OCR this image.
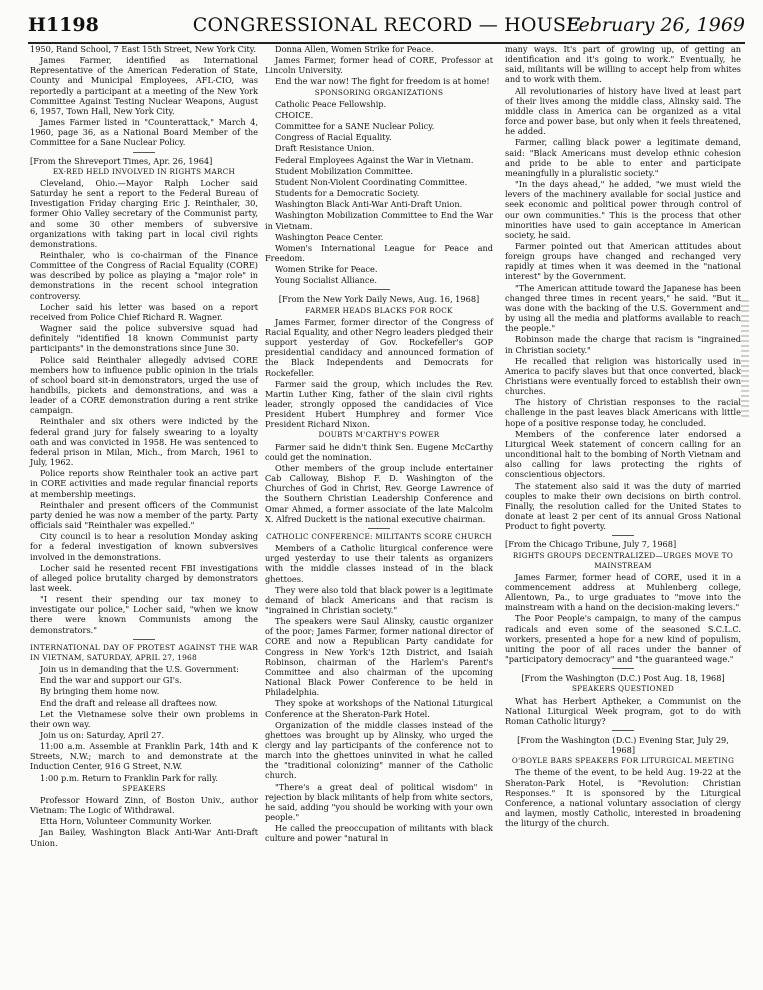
H1198	CONGRESSIONAL RECORD — HOUSE
February 26, 1969

1950, Rand School, 7 East 15th Street, New York City.

James Farmer, identified as International Representative of the American Federation of State, County and Municipal Employees, AFL-CIO, was reportedly a participant at a meeting of the New York Committee Against Testing Nuclear Weapons, August 6, 1957, Town Hall, New York City.

James Farmer listed in "Counterattack," March 4, 1960, page 36, as a National Board Member of the Committee for a Sane Nuclear Policy.

[From the Shreveport Times, Apr. 26, 1964]

EX-RED HELD INVOLVED IN RIGHTS MARCH

Cleveland, Ohio.—Mayor Ralph Locher said Saturday he sent a report to the Federal Bureau of Investigation Friday charging Eric J. Reinthaler, 30, former Ohio Valley secretary of the Communist party, and some 30 other members of subversive organizations with taking part in local civil rights demonstrations.

Reinthaler, who is co-chairman of the Finance Committee of the Congress of Racial Equality (CORE) was described by police as playing a "major role" in demonstrations in the recent school integration controversy.

Locher said his letter was based on a report received from Police Chief Richard R. Wagner.

Wagner said the police subversive squad had definitely "identified 18 known Communist party participants" in the demonstrations since June 30.

Police said Reinthaler allegedly advised CORE members how to influence public opinion in the trials of school board sit-in demonstrators, urged the use of handbills, pickets and demonstrations, and was a leader of a CORE demonstration during a rent strike campaign.

Reinthaler and six others were indicted by the federal grand jury for falsely swearing to a loyalty oath and was convicted in 1958. He was sentenced to federal prison in Milan, Mich., from March, 1961 to July, 1962.

Police reports show Reinthaler took an active part in CORE activities and made regular financial reports at membership meetings.

Reinthaler and present officers of the Communist party denied he was now a member of the party. Party officials said "Reinthaler was expelled."

City council is to hear a resolution Monday asking for a federal investigation of known subversives involved in the demonstrations.

Locher said he resented recent FBI investigations of alleged police brutality charged by demonstrators last week.

"I resent their spending our tax money to investigate our police," Locher said, "when we know there were known Communists among the demonstrators."

INTERNATIONAL DAY OF PROTEST AGAINST THE WAR IN VIETNAM, SATURDAY, APRIL 27, 1968

Join us in demanding that the U.S. Government:

End the war and support our GI's.

By bringing them home now.

End the draft and release all draftees now.

Let the Vietnamese solve their own problems in their own way.

Join us on: Saturday, April 27.

11:00 a.m. Assemble at Franklin Park, 14th and K Streets, N.W.; march to and demonstrate at the Induction Center, 916 G Street, N.W.

1:00 p.m. Return to Franklin Park for rally.

SPEAKERS

Professor Howard Zinn, of Boston Univ., author Vietnam: The Logic of Withdrawal.

Etta Horn, Volunteer Community Worker.

Jan Bailey, Washington Black Anti-War Anti-Draft Union.

Donna Allen, Women Strike for Peace.

James Farmer, former head of CORE, Professor at Lincoln University.

End the war now! The fight for freedom is at home!

SPONSORING ORGANIZATIONS

Catholic Peace Fellowship.

CHOICE.

Committee for a SANE Nuclear Policy.

Congress of Racial Equality.

Draft Resistance Union.

Federal Employees Against the War in Vietnam.

Student Mobilization Committee.

Student Non-Violent Coordinating Committee.

Students for a Democratic Society.

Washington Black Anti-War Anti-Draft Union.

Washington Mobilization Committee to End the War in Vietnam.

Washington Peace Center.

Women's International League for Peace and Freedom.

Women Strike for Peace.

Young Socialist Alliance.

[From the New York Daily News, Aug. 16, 1968]

FARMER HEADS BLACKS FOR ROCK

James Farmer, former director of the Congress of Racial Equality, and other Negro leaders pledged their support yesterday of Gov. Rockefeller's GOP presidential candidacy and announced formation of the Black Independents and Democrats for Rockefeller.

Farmer said the group, which includes the Rev. Martin Luther King, father of the slain civil rights leader, strongly opposed the candidacies of Vice President Hubert Humphrey and former Vice President Richard Nixon.

DOUBTS M'CARTHY'S POWER

Farmer said he didn't think Sen. Eugene McCarthy could get the nomination.

Other members of the group include entertainer Cab Calloway, Bishop F. D. Washington of the Churches of God in Christ, Rev. George Lawrence of the Southern Christian Leadership Conference and Omar Ahmed, a former associate of the late Malcolm X. Alfred Duckett is the national executive chairman.

CATHOLIC CONFERENCE: MILITANTS SCORE CHURCH

Members of a Catholic liturgical conference were urged yesterday to use their talents as organizers with the middle classes instead of in the black ghettoes.

They were also told that black power is a legitimate demand of black Americans and that racism is "ingrained in Christian society."

The speakers were Saul Alinsky, caustic organizer of the poor; James Farmer, former national director of CORE and now a Republican Party candidate for Congress in New York's 12th District, and Isaiah Robinson, chairman of the Harlem's Parent's Committee and also chairman of the upcoming National Black Power Conference to be held in Philadelphia.

They spoke at workshops of the National Liturgical Conference at the Sheraton-Park Hotel.

Organization of the middle classes instead of the ghettoes was brought up by Alinsky, who urged the clergy and lay participants of the conference not to march into the ghettoes uninvited in what he called the "traditional colonizing" manner of the Catholic church.

"There's a great deal of political wisdom" in rejection by black militants of help from white sectors, he said, adding "you should be working with your own people."

He called the preoccupation of militants with black culture and power "natural in

many ways. It's part of growing up, of getting an identification and it's going to work." Eventually, he said, militants will be willing to accept help from whites and to work with them.

All revolutionaries of history have lived at least part of their lives among the middle class, Alinsky said. The middle class in America can be organized as a vital force and power base, but only when it feels threatened, he added.

Farmer, calling black power a legitimate demand, said: "Black Americans must develop ethnic cohesion and pride to be able to enter and participate meaningfully in a pluralistic society."

"In the days ahead," he added, "we must wield the levers of the machinery available for social justice and seek economic and political power through control of our own communities." This is the process that other minorities have used to gain acceptance in American society, he said.

Farmer pointed out that American attitudes about foreign groups have changed and rechanged very rapidly at times when it was deemed in the "national interest" by the Government.

"The American attitude toward the Japanese has been changed three times in recent years," he said. "But it was done with the backing of the U.S. Government and by using all the media and platforms available to reach the people."

Robinson made the charge that racism is "ingrained in Christian society."

He recalled that religion was historically used in America to pacify slaves but that once converted, black Christians were eventually forced to establish their own churches.

The history of Christian responses to the racial challenge in the past leaves black Americans with little hope of a positive response today, he concluded.

Members of the conference later endorsed a Liturgical Week statement of concern calling for an unconditional halt to the bombing of North Vietnam and also calling for laws protecting the rights of conscientious objectors.

The statement also said it was the duty of married couples to make their own decisions on birth control. Finally, the resolution called for the United States to donate at least 2 per cent of its annual Gross National Product to fight poverty.

[From the Chicago Tribune, July 7, 1968]

RIGHTS GROUPS DECENTRALIZED—URGES MOVE TO MAINSTREAM

James Farmer, former head of CORE, used it in a commencement address at Muhlenberg college, Allentown, Pa., to urge graduates to "move into the mainstream with a hand on the decision-making levers."

The Poor People's campaign, to many of the campus radicals and even some of the seasoned S.C.L.C. workers, presented a hope for a new kind of populism, uniting the poor of all races under the banner of "participatory democracy" and "the guaranteed wage."

[From the Washington (D.C.) Post Aug. 18, 1968]

SPEAKERS QUESTIONED

What has Herbert Aptheker, a Communist on the National Liturgical Week program, got to do with Roman Catholic liturgy?

[From the Washington (D.C.) Evening Star, July 29, 1968]

O'BOYLE BARS SPEAKERS FOR LITURGICAL MEETING

The theme of the event, to be held Aug. 19-22 at the Sheraton-Park Hotel, is "Revolution: Christian Responses." It is sponsored by the Liturgical Conference, a national voluntary association of clergy and laymen, mostly Catholic, interested in broadening the liturgy of the church.
